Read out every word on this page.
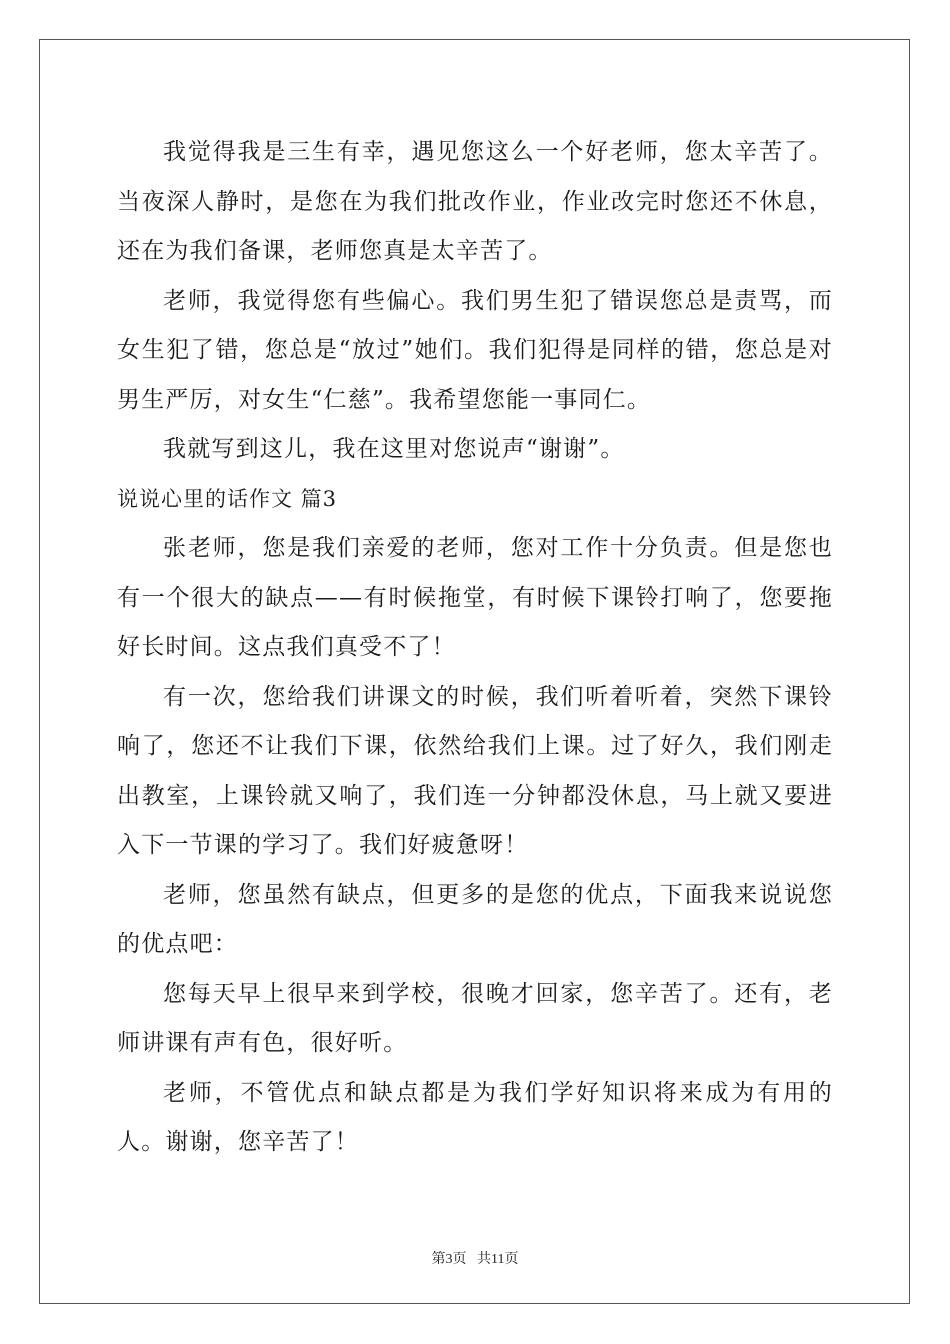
我觉得我是三生有幸，遇见您这么一个好老师，您太辛苦了。当夜深人静时，是您在为我们批改作业，作业改完时您还不休息，还在为我们备课，老师您真是太辛苦了。

老师，我觉得您有些偏心。我们男生犯了错误您总是责骂，而女生犯了错，您总是“放过”她们。我们犯得是同样的错，您总是对男生严厉，对女生“仁慈”。我希望您能一事同仁。

我就写到这儿，我在这里对您说声“谢谢”。

说说心里的话作文 篇3

张老师，您是我们亲爱的老师，您对工作十分负责。但是您也有一个很大的缺点——有时候拖堂，有时候下课铃打响了，您要拖好长时间。这点我们真受不了！

有一次，您给我们讲课文的时候，我们听着听着，突然下课铃响了，您还不让我们下课，依然给我们上课。过了好久，我们刚走出教室，上课铃就又响了，我们连一分钟都没休息，马上就又要进入下一节课的学习了。我们好疲惫呀！

老师，您虽然有缺点，但更多的是您的优点，下面我来说说您的优点吧：

您每天早上很早来到学校，很晚才回家，您辛苦了。还有，老师讲课有声有色，很好听。

老师，不管优点和缺点都是为我们学好知识将来成为有用的人。谢谢，您辛苦了！

第3页 共11页
